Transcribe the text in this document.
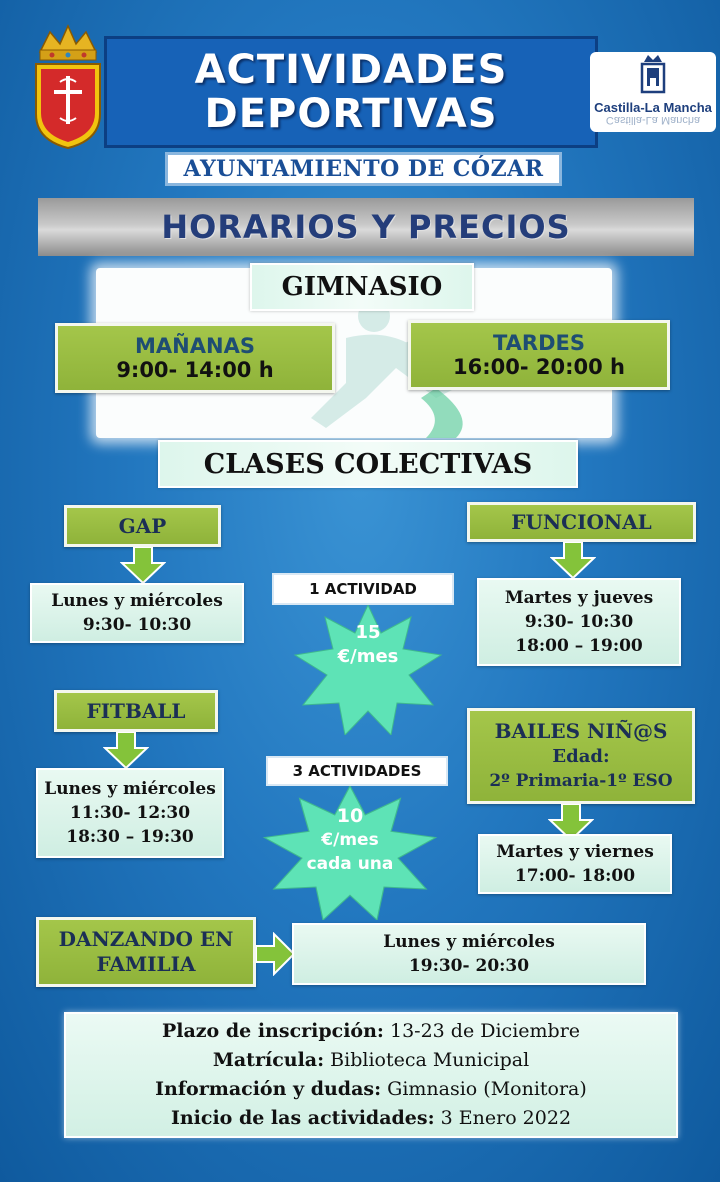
ACTIVIDADES
DEPORTIVAS
AYUNTAMIENTO DE CÓZAR
Castilla-La Mancha
Castilla-La Mancha
HORARIOS Y PRECIOS
GIMNASIO
MAÑANAS
9:00- 14:00 h
TARDES
16:00- 20:00 h
CLASES COLECTIVAS
GAP
Lunes y miércoles
9:30- 10:30
FUNCIONAL
Martes y jueves
9:30- 10:30
18:00 – 19:00
1 ACTIVIDAD
15
€/mes
FITBALL
Lunes y miércoles
11:30- 12:30
18:30 – 19:30
BAILES NIÑ@S
Edad:
2º Primaria-1º ESO
Martes y viernes
17:00- 18:00
3 ACTIVIDADES
10
€/mes
cada una
DANZANDO EN
FAMILIA
Lunes y miércoles
19:30- 20:30
Plazo de inscripción: 13-23 de Diciembre
Matrícula: Biblioteca Municipal
Información y dudas: Gimnasio (Monitora)
Inicio de las actividades: 3 Enero 2022
